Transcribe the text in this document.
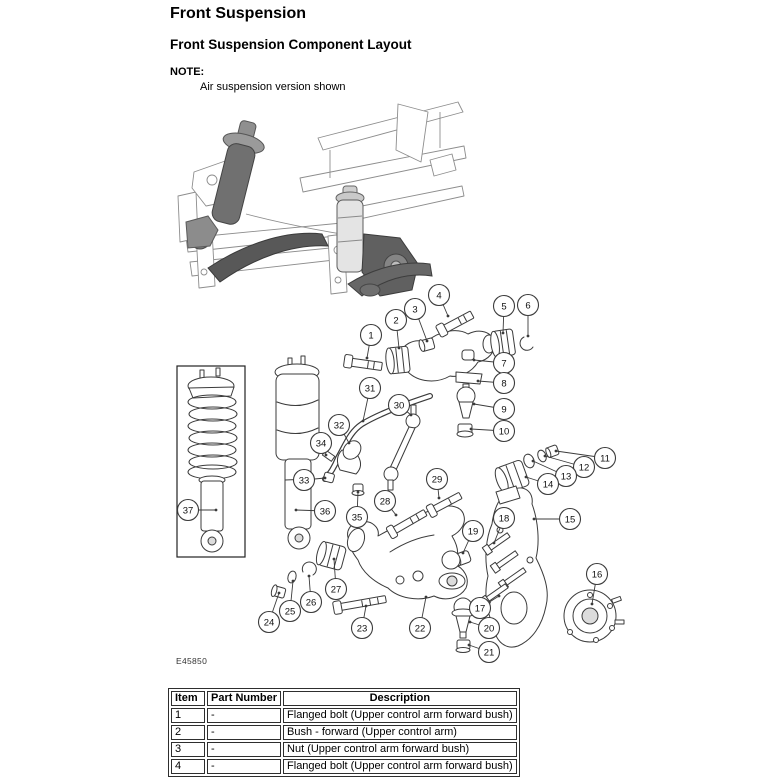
Front Suspension
Front Suspension Component Layout
NOTE:
Air suspension version shown
1
2
3
4
5 6
7
8
9
10
11
12
13
14
15
16
17
18
19
20
21
22
23
24
25
26
27
28
29
30
31
32
33
34
35
36
37
E45850
Item	Part Number	Description
1	-	Flanged bolt (Upper control arm forward bush)
2	-	Bush - forward (Upper control arm)
3	-	Nut (Upper control arm forward bush)
4	-	Flanged bolt (Upper control arm forward bush)
